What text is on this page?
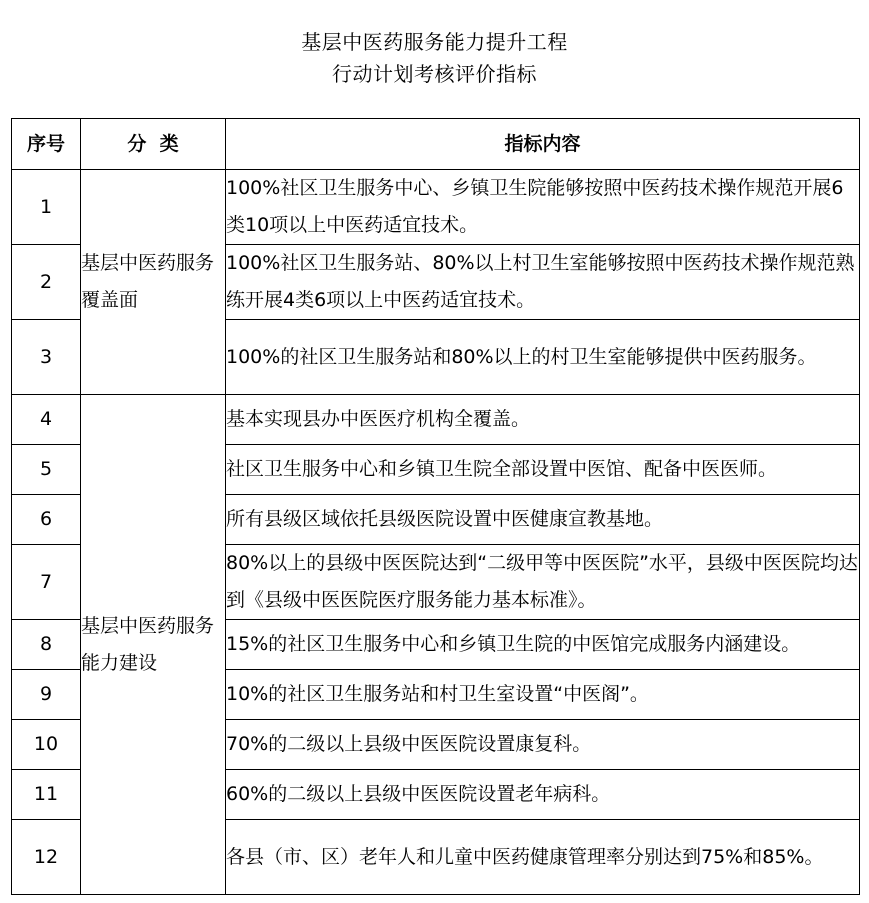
基层中医药服务能力提升工程
行动计划考核评价指标
序号	分  类	指标内容
1	基层中医药服务覆盖面	100%社区卫生服务中心、乡镇卫生院能够按照中医药技术操作规范开展6类10项以上中医药适宜技术。
2		100%社区卫生服务站、80%以上村卫生室能够按照中医药技术操作规范熟练开展4类6项以上中医药适宜技术。
3		100%的社区卫生服务站和80%以上的村卫生室能够提供中医药服务。
4	基层中医药服务能力建设	基本实现县办中医医疗机构全覆盖。
5		社区卫生服务中心和乡镇卫生院全部设置中医馆、配备中医医师。
6		所有县级区域依托县级医院设置中医健康宣教基地。
7		80%以上的县级中医医院达到“二级甲等中医医院”水平，县级中医医院均达到《县级中医医院医疗服务能力基本标准》。
8		15%的社区卫生服务中心和乡镇卫生院的中医馆完成服务内涵建设。
9		10%的社区卫生服务站和村卫生室设置“中医阁”。
10		70%的二级以上县级中医医院设置康复科。
11		60%的二级以上县级中医医院设置老年病科。
12		各县（市、区）老年人和儿童中医药健康管理率分别达到75%和85%。
